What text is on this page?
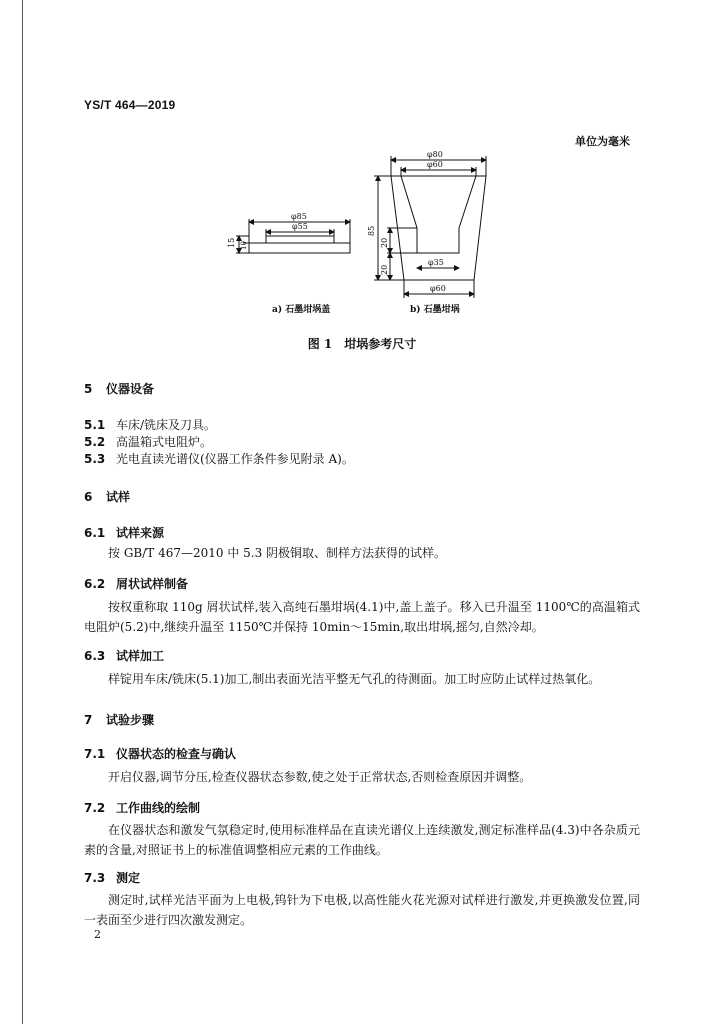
YS/T 464—2019
单位为毫米
φ85
φ55
15 10
φ80
φ60
85
20
20
φ35
φ60
a) 石墨坩埚盖	b) 石墨坩埚
图 1 坩埚参考尺寸
5 仪器设备
5.1 车床/铣床及刀具。
5.2 高温箱式电阻炉。
5.3 光电直读光谱仪(仪器工作条件参见附录 A)。
6 试样
6.1 试样来源
按 GB/T 467—2010 中 5.3 阴极铜取、制样方法获得的试样。
6.2 屑状试样制备
按权重称取 110g 屑状试样,装入高纯石墨坩埚(4.1)中,盖上盖子。移入已升温至 1100℃的高温箱式电阻炉(5.2)中,继续升温至 1150℃并保持 10min～15min,取出坩埚,摇匀,自然冷却。
6.3 试样加工
样锭用车床/铣床(5.1)加工,制出表面光洁平整无气孔的待测面。加工时应防止试样过热氧化。
7 试验步骤
7.1 仪器状态的检查与确认
开启仪器,调节分压,检查仪器状态参数,使之处于正常状态,否则检查原因并调整。
7.2 工作曲线的绘制
在仪器状态和激发气氛稳定时,使用标准样品在直读光谱仪上连续激发,测定标准样品(4.3)中各杂质元素的含量,对照证书上的标准值调整相应元素的工作曲线。
7.3 测定
测定时,试样光洁平面为上电极,钨针为下电极,以高性能火花光源对试样进行激发,并更换激发位置,同一表面至少进行四次激发测定。
2
